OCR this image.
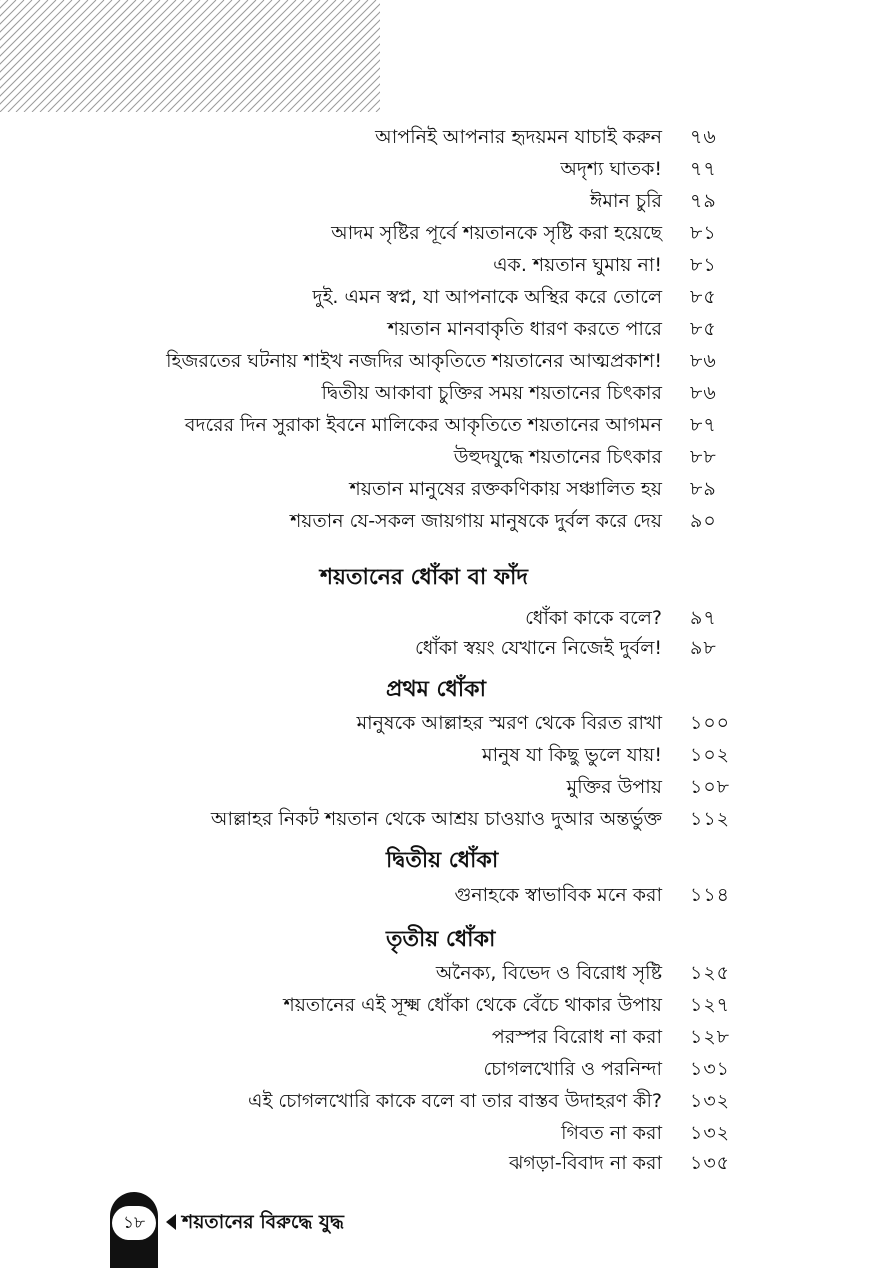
আপনিই আপনার হৃদয়মন যাচাই করুন ৭৬
অদৃশ্য ঘাতক! ৭৭
ঈমান চুরি ৭৯
আদম সৃষ্টির পূর্বে শয়তানকে সৃষ্টি করা হয়েছে ৮১
এক. শয়তান ঘুমায় না! ৮১
দুই. এমন স্বপ্ন, যা আপনাকে অস্থির করে তোলে ৮৫
শয়তান মানবাকৃতি ধারণ করতে পারে ৮৫
হিজরতের ঘটনায় শাইখ নজদির আকৃতিতে শয়তানের আত্মপ্রকাশ! ৮৬
দ্বিতীয় আকাবা চুক্তির সময় শয়তানের চিৎকার ৮৬
বদরের দিন সুরাকা ইবনে মালিকের আকৃতিতে শয়তানের আগমন ৮৭
উহুদযুদ্ধে শয়তানের চিৎকার ৮৮
শয়তান মানুষের রক্তকণিকায় সঞ্চালিত হয় ৮৯
শয়তান যে-সকল জায়গায় মানুষকে দুর্বল করে দেয় ৯০
শয়তানের ধোঁকা বা ফাঁদ
ধোঁকা কাকে বলে? ৯৭
ধোঁকা স্বয়ং যেখানে নিজেই দুর্বল! ৯৮
প্রথম ধোঁকা
মানুষকে আল্লাহর স্মরণ থেকে বিরত রাখা ১০০
মানুষ যা কিছু ভুলে যায়! ১০২
মুক্তির উপায় ১০৮
আল্লাহর নিকট শয়তান থেকে আশ্রয় চাওয়াও দুআর অন্তর্ভুক্ত ১১২
দ্বিতীয় ধোঁকা
গুনাহকে স্বাভাবিক মনে করা ১১৪
তৃতীয় ধোঁকা
অনৈক্য, বিভেদ ও বিরোধ সৃষ্টি ১২৫
শয়তানের এই সূক্ষ্ম ধোঁকা থেকে বেঁচে থাকার উপায় ১২৭
পরস্পর বিরোধ না করা ১২৮
চোগলখোরি ও পরনিন্দা ১৩১
এই চোগলখোরি কাকে বলে বা তার বাস্তব উদাহরণ কী? ১৩২
গিবত না করা ১৩২
ঝগড়া-বিবাদ না করা ১৩৫
১৮	শয়তানের বিরুদ্ধে যুদ্ধ
